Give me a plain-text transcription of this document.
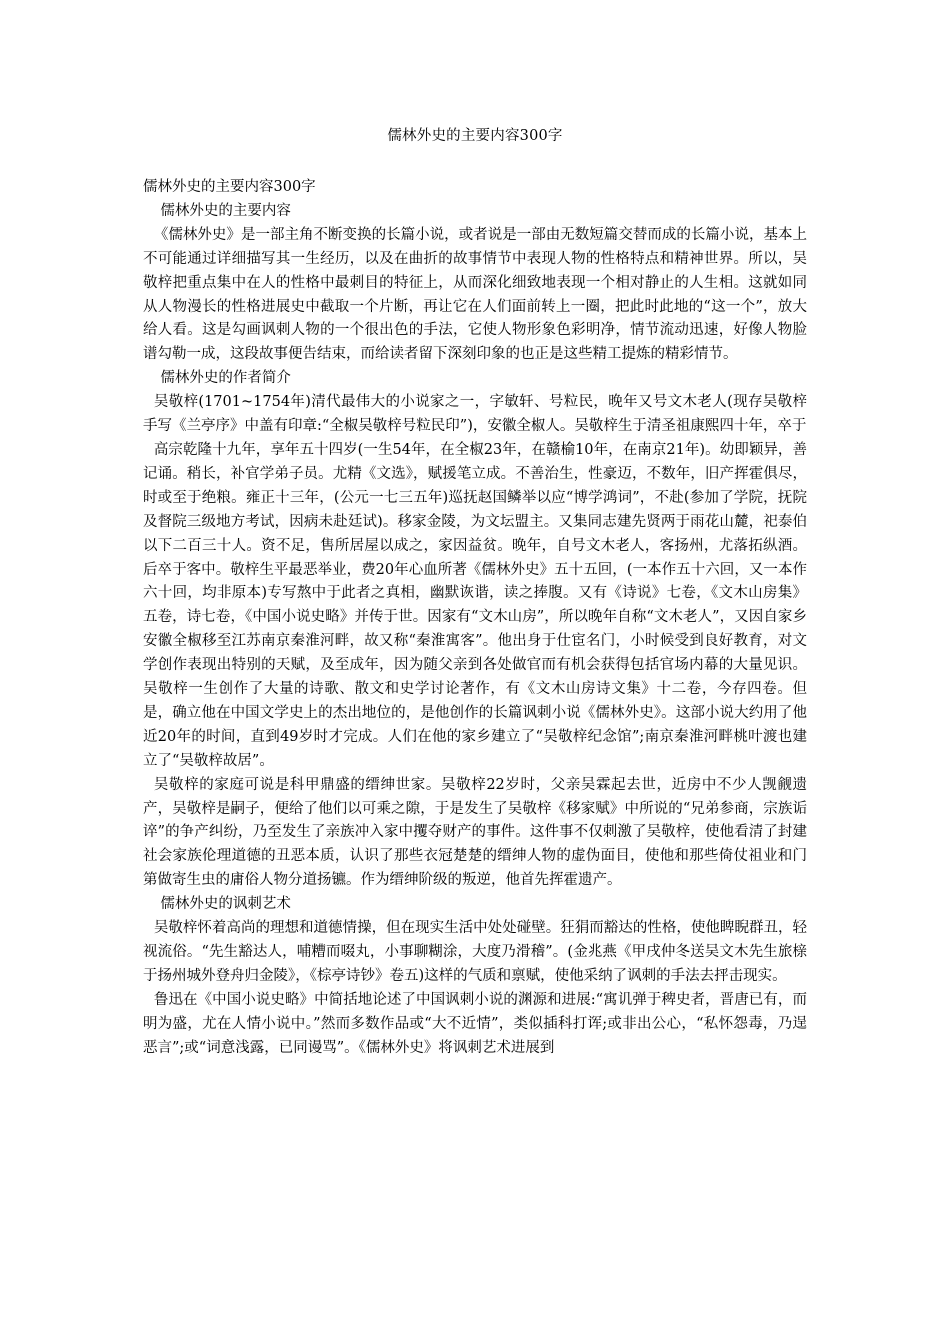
儒林外史的主要内容300字

儒林外史的主要内容300字

儒林外史的主要内容

《儒林外史》是一部主角不断变换的长篇小说，或者说是一部由无数短篇交替而成的长篇小说，基本上不可能通过详细描写其一生经历，以及在曲折的故事情节中表现人物的性格特点和精神世界。所以，吴敬梓把重点集中在人的性格中最刺目的特征上，从而深化细致地表现一个相对静止的人生相。这就如同从人物漫长的性格进展史中截取一个片断，再让它在人们面前转上一圈，把此时此地的“这一个”，放大给人看。这是勾画讽刺人物的一个很出色的手法，它使人物形象色彩明净，情节流动迅速，好像人物脸谱勾勒一成，这段故事便告结束，而给读者留下深刻印象的也正是这些精工提炼的精彩情节。

儒林外史的作者简介

吴敬梓(1701~1754年)清代最伟大的小说家之一，字敏轩、号粒民，晚年又号文木老人(现存吴敬梓手写《兰亭序》中盖有印章:“全椒吴敬梓号粒民印”)，安徽全椒人。吴敬梓生于清圣祖康熙四十年，卒于

高宗乾隆十九年，享年五十四岁(一生54年，在全椒23年，在赣榆10年，在南京21年)。幼即颖异，善记诵。稍长，补官学弟子员。尤精《文选》，赋援笔立成。不善治生，性豪迈，不数年，旧产挥霍俱尽，时或至于绝粮。雍正十三年，(公元一七三五年)巡抚赵国鳞举以应“博学鸿词”，不赴(参加了学院，抚院及督院三级地方考试，因病未赴廷试)。移家金陵，为文坛盟主。又集同志建先贤两于雨花山麓，祀泰伯以下二百三十人。资不足，售所居屋以成之，家因益贫。晚年，自号文木老人，客扬州，尤落拓纵酒。后卒于客中。敬梓生平最恶举业，费20年心血所著《儒林外史》五十五回，(一本作五十六回，又一本作六十回，均非原本)专写熬中于此者之真相，幽默诙谐，读之捧腹。又有《诗说》七卷，《文木山房集》五卷，诗七卷，《中国小说史略》并传于世。因家有“文木山房”，所以晚年自称“文木老人”，又因自家乡安徽全椒移至江苏南京秦淮河畔，故又称“秦淮寓客”。他出身于仕宦名门，小时候受到良好教育，对文学创作表现出特别的天赋，及至成年，因为随父亲到各处做官而有机会获得包括官场内幕的大量见识。吴敬梓一生创作了大量的诗歌、散文和史学讨论著作，有《文木山房诗文集》十二卷，今存四卷。但是，确立他在中国文学史上的杰出地位的，是他创作的长篇讽刺小说《儒林外史》。这部小说大约用了他近20年的时间，直到49岁时才完成。人们在他的家乡建立了“吴敬梓纪念馆”;南京秦淮河畔桃叶渡也建立了“吴敬梓故居”。

吴敬梓的家庭可说是科甲鼎盛的缙绅世家。吴敬梓22岁时，父亲吴霖起去世，近房中不少人觊觎遗产，吴敬梓是嗣子，便给了他们以可乘之隙，于是发生了吴敬梓《移家赋》中所说的“兄弟参商，宗族诟谇”的争产纠纷，乃至发生了亲族冲入家中攫夺财产的事件。这件事不仅刺激了吴敬梓，使他看清了封建社会家族伦理道德的丑恶本质，认识了那些衣冠楚楚的缙绅人物的虚伪面目，使他和那些倚仗祖业和门第做寄生虫的庸俗人物分道扬镳。作为缙绅阶级的叛逆，他首先挥霍遗产。

儒林外史的讽刺艺术

吴敬梓怀着高尚的理想和道德情操，但在现实生活中处处碰壁。狂狷而豁达的性格，使他睥睨群丑，轻视流俗。“先生豁达人，哺糟而啜丸，小事聊糊涂，大度乃滑稽”。(金兆燕《甲戌仲冬送吴文木先生旅榇于扬州城外登舟归金陵》，《棕亭诗钞》卷五)这样的气质和禀赋，使他采纳了讽刺的手法去抨击现实。

鲁迅在《中国小说史略》中简括地论述了中国讽刺小说的渊源和进展:“寓讥弹于稗史者，晋唐已有，而明为盛，尤在人情小说中。”然而多数作品或“大不近情”，类似插科打诨;或非出公心，“私怀怨毒，乃逞恶言”;或“词意浅露，已同谩骂”。《儒林外史》将讽刺艺术进展到
